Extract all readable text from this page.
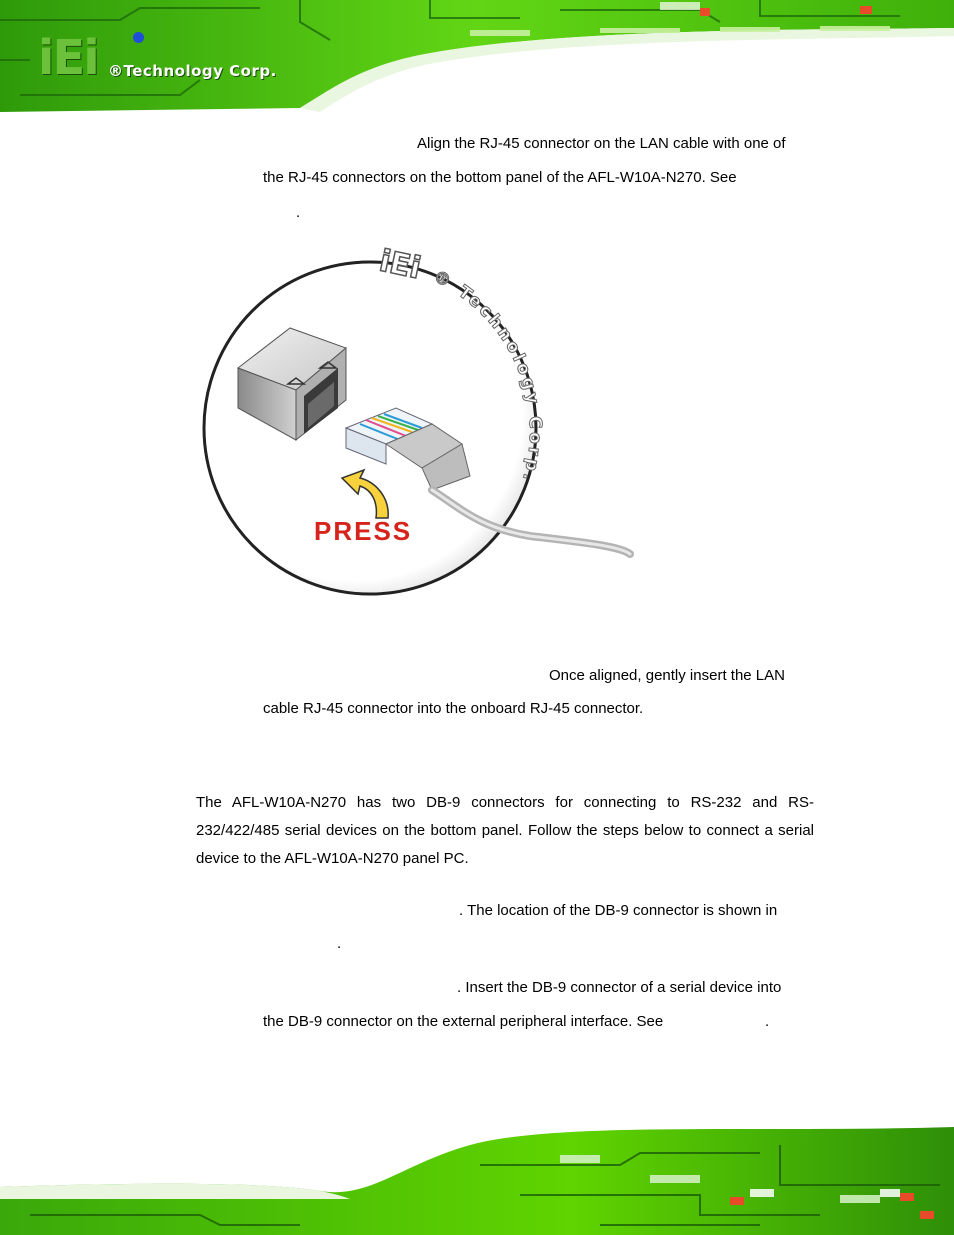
iEi ®Technology Corp.
Align the RJ-45 connector on the LAN cable with one of
the RJ-45 connectors on the bottom panel of the AFL-W10A-N270. See
.
PRESS
iEi ® Technology Corp.
Once aligned, gently insert the LAN
cable RJ-45 connector into the onboard RJ-45 connector.
The AFL-W10A-N270 has two DB-9 connectors for connecting to RS-232 and RS-232/422/485 serial devices on the bottom panel. Follow the steps below to connect a serial device to the AFL-W10A-N270 panel PC.
. The location of the DB-9 connector is shown in
.
. Insert the DB-9 connector of a serial device into
the DB-9 connector on the external peripheral interface. See	.
